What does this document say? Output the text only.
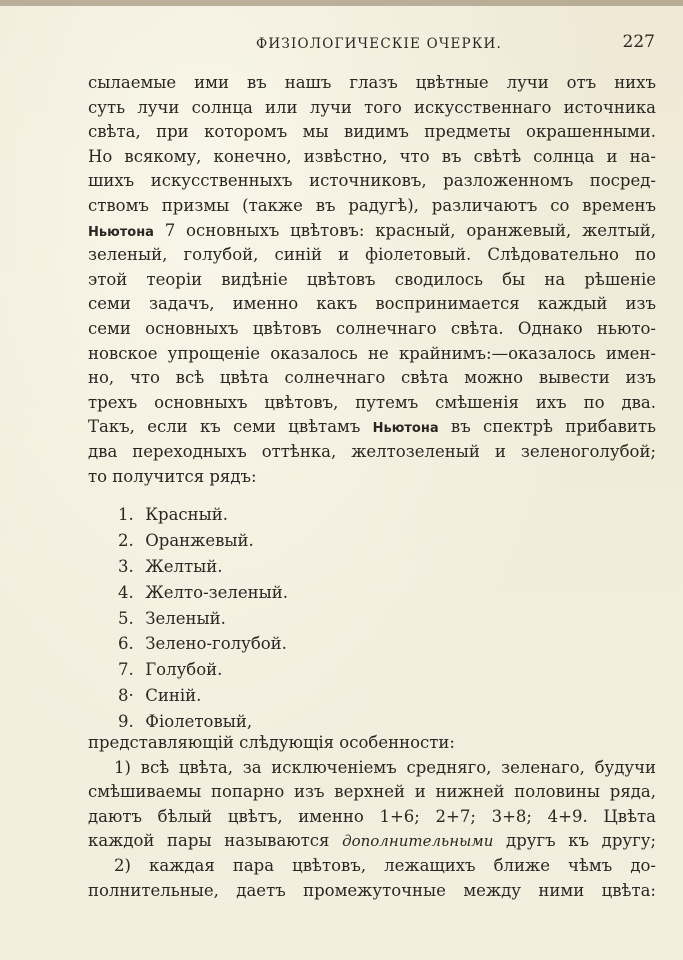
ФИЗІОЛОГИЧЕСКІЕ ОЧЕРКИ.	227
сылаемые ими въ нашъ глазъ цвѣтные лучи отъ нихъ
суть лучи солнца или лучи того искусственнаго источника
свѣта, при которомъ мы видимъ предметы окрашенными.
Но всякому, конечно, извѣстно, что въ свѣтѣ солнца и на-
шихъ искусственныхъ источниковъ, разложенномъ посред-
ствомъ призмы (также въ радугѣ), различаютъ со временъ
Ньютона 7 основныхъ цвѣтовъ: красный, оранжевый, желтый,
зеленый, голубой, синій и фіолетовый. Слѣдовательно по
этой теоріи видѣніе цвѣтовъ сводилось бы на рѣшеніе
семи задачъ, именно какъ воспринимается каждый изъ
семи основныхъ цвѣтовъ солнечнаго свѣта. Однако ньюто-
новское упрощеніе оказалось не крайнимъ:—оказалось имен-
но, что всѣ цвѣта солнечнаго свѣта можно вывести изъ
трехъ основныхъ цвѣтовъ, путемъ смѣшенія ихъ по два.
Такъ, если къ семи цвѣтамъ Ньютона въ спектрѣ прибавить
два переходныхъ оттѣнка, желтозеленый и зеленоголубой;
то получится рядъ:
1. Красный.
2. Оранжевый.
3. Желтый.
4. Желто-зеленый.
5. Зеленый.
6. Зелено-голубой.
7. Голубой.
8· Синій.
9. Фіолетовый,
представляющій слѣдующія особенности:
1) всѣ цвѣта, за исключеніемъ средняго, зеленаго, будучи
смѣшиваемы попарно изъ верхней и нижней половины ряда,
даютъ бѣлый цвѣтъ, именно 1+6; 2+7; 3+8; 4+9. Цвѣта
каждой пары называются дополнительными другъ къ другу;
2) каждая пара цвѣтовъ, лежащихъ ближе чѣмъ до-
полнительные, даетъ промежуточные между ними цвѣта:
